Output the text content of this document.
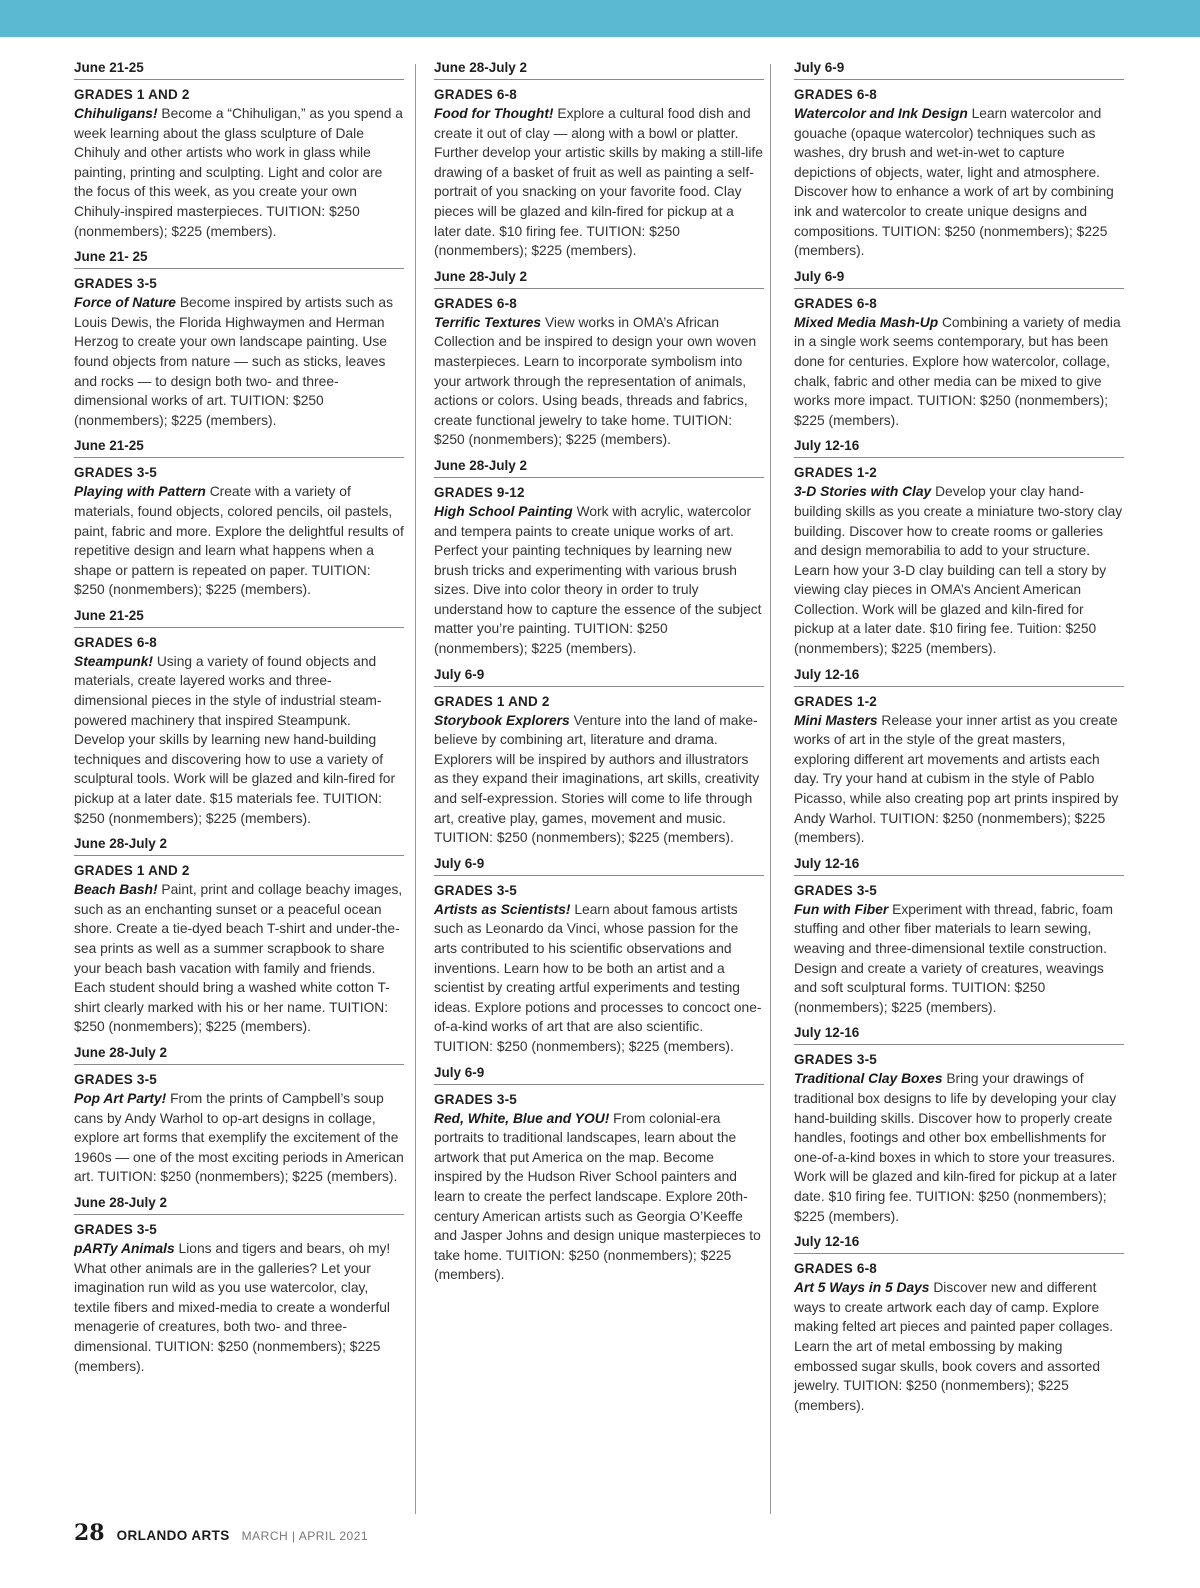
June 21-25
GRADES 1 AND 2

Chihuligans! Become a “Chihuligan,” as you spend a week learning about the glass sculpture of Dale Chihuly and other artists who work in glass while painting, printing and sculpting. Light and color are the focus of this week, as you create your own Chihuly-inspired masterpieces. TUITION: $250 (nonmembers); $225 (members).

June 21- 25
GRADES 3-5

Force of Nature Become inspired by artists such as Louis Dewis, the Florida Highwaymen and Herman Herzog to create your own landscape painting. Use found objects from nature — such as sticks, leaves and rocks — to design both two- and three-dimensional works of art. TUITION: $250 (nonmembers); $225 (members).

June 21-25
GRADES 3-5

Playing with Pattern Create with a variety of materials, found objects, colored pencils, oil pastels, paint, fabric and more. Explore the delightful results of repetitive design and learn what happens when a shape or pattern is repeated on paper. TUITION: $250 (nonmembers); $225 (members).

June 21-25
GRADES 6-8

Steampunk! Using a variety of found objects and materials, create layered works and three-dimensional pieces in the style of industrial steam-powered machinery that inspired Steampunk. Develop your skills by learning new hand-building techniques and discovering how to use a variety of sculptural tools. Work will be glazed and kiln-fired for pickup at a later date. $15 materials fee. TUITION: $250 (nonmembers); $225 (members).

June 28-July 2
GRADES 1 AND 2

Beach Bash! Paint, print and collage beachy images, such as an enchanting sunset or a peaceful ocean shore. Create a tie-dyed beach T-shirt and under-the-sea prints as well as a summer scrapbook to share your beach bash vacation with family and friends. Each student should bring a washed white cotton T-shirt clearly marked with his or her name. TUITION: $250 (nonmembers); $225 (members).

June 28-July 2
GRADES 3-5

Pop Art Party! From the prints of Campbell’s soup cans by Andy Warhol to op-art designs in collage, explore art forms that exemplify the excitement of the 1960s — one of the most exciting periods in American art. TUITION: $250 (nonmembers); $225 (members).

June 28-July 2
GRADES 3-5

pARTy Animals Lions and tigers and bears, oh my! What other animals are in the galleries? Let your imagination run wild as you use watercolor, clay, textile fibers and mixed-media to create a wonderful menagerie of creatures, both two- and three-dimensional. TUITION: $250 (nonmembers); $225 (members).

June 28-July 2
GRADES 6-8

Food for Thought! Explore a cultural food dish and create it out of clay — along with a bowl or platter. Further develop your artistic skills by making a still-life drawing of a basket of fruit as well as painting a self-portrait of you snacking on your favorite food. Clay pieces will be glazed and kiln-fired for pickup at a later date. $10 firing fee. TUITION: $250 (nonmembers); $225 (members).

June 28-July 2
GRADES 6-8

Terrific Textures View works in OMA’s African Collection and be inspired to design your own woven masterpieces. Learn to incorporate symbolism into your artwork through the representation of animals, actions or colors. Using beads, threads and fabrics, create functional jewelry to take home. TUITION: $250 (nonmembers); $225 (members).

June 28-July 2
GRADES 9-12

High School Painting Work with acrylic, watercolor and tempera paints to create unique works of art. Perfect your painting techniques by learning new brush tricks and experimenting with various brush sizes. Dive into color theory in order to truly understand how to capture the essence of the subject matter you’re painting. TUITION: $250 (nonmembers); $225 (members).

July 6-9
GRADES 1 AND 2

Storybook Explorers Venture into the land of make-believe by combining art, literature and drama. Explorers will be inspired by authors and illustrators as they expand their imaginations, art skills, creativity and self-expression. Stories will come to life through art, creative play, games, movement and music. TUITION: $250 (nonmembers); $225 (members).

July 6-9
GRADES 3-5

Artists as Scientists! Learn about famous artists such as Leonardo da Vinci, whose passion for the arts contributed to his scientific observations and inventions. Learn how to be both an artist and a scientist by creating artful experiments and testing ideas. Explore potions and processes to concoct one-of-a-kind works of art that are also scientific. TUITION: $250 (nonmembers); $225 (members).

July 6-9
GRADES 3-5

Red, White, Blue and YOU! From colonial-era portraits to traditional landscapes, learn about the artwork that put America on the map. Become inspired by the Hudson River School painters and learn to create the perfect landscape. Explore 20th-century American artists such as Georgia O’Keeffe and Jasper Johns and design unique masterpieces to take home. TUITION: $250 (nonmembers); $225 (members).

July 6-9
GRADES 6-8

Watercolor and Ink Design Learn watercolor and gouache (opaque watercolor) techniques such as washes, dry brush and wet-in-wet to capture depictions of objects, water, light and atmosphere. Discover how to enhance a work of art by combining ink and watercolor to create unique designs and compositions. TUITION: $250 (nonmembers); $225 (members).

July 6-9
GRADES 6-8

Mixed Media Mash-Up Combining a variety of media in a single work seems contemporary, but has been done for centuries. Explore how watercolor, collage, chalk, fabric and other media can be mixed to give works more impact. TUITION: $250 (nonmembers); $225 (members).

July 12-16
GRADES 1-2

3-D Stories with Clay Develop your clay hand-building skills as you create a miniature two-story clay building. Discover how to create rooms or galleries and design memorabilia to add to your structure. Learn how your 3-D clay building can tell a story by viewing clay pieces in OMA’s Ancient American Collection. Work will be glazed and kiln-fired for pickup at a later date. $10 firing fee. Tuition: $250 (nonmembers); $225 (members).

July 12-16
GRADES 1-2

Mini Masters Release your inner artist as you create works of art in the style of the great masters, exploring different art movements and artists each day. Try your hand at cubism in the style of Pablo Picasso, while also creating pop art prints inspired by Andy Warhol. TUITION: $250 (nonmembers); $225 (members).

July 12-16
GRADES 3-5

Fun with Fiber Experiment with thread, fabric, foam stuffing and other fiber materials to learn sewing, weaving and three-dimensional textile construction. Design and create a variety of creatures, weavings and soft sculptural forms. TUITION: $250 (nonmembers); $225 (members).

July 12-16
GRADES 3-5

Traditional Clay Boxes Bring your drawings of traditional box designs to life by developing your clay hand-building skills. Discover how to properly create handles, footings and other box embellishments for one-of-a-kind boxes in which to store your treasures. Work will be glazed and kiln-fired for pickup at a later date. $10 firing fee. TUITION: $250 (nonmembers); $225 (members).

July 12-16
GRADES 6-8

Art 5 Ways in 5 Days Discover new and different ways to create artwork each day of camp. Explore making felted art pieces and painted paper collages. Learn the art of metal embossing by making embossed sugar skulls, book covers and assorted jewelry. TUITION: $250 (nonmembers); $225 (members).

28 ORLANDO ARTS MARCH | APRIL 2021
